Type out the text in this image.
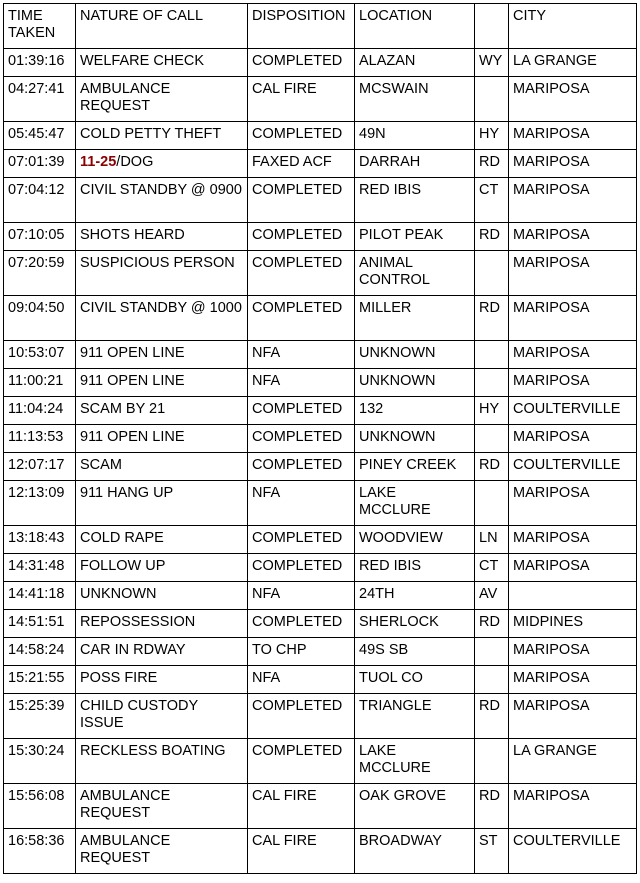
TIME TAKEN	NATURE OF CALL	DISPOSITION	LOCATION		CITY
01:39:16	WELFARE CHECK	COMPLETED	ALAZAN	WY	LA GRANGE
04:27:41	AMBULANCE REQUEST	CAL FIRE	MCSWAIN		MARIPOSA
05:45:47	COLD PETTY THEFT	COMPLETED	49N	HY	MARIPOSA
07:01:39	11-25/DOG	FAXED ACF	DARRAH	RD	MARIPOSA
07:04:12	CIVIL STANDBY @ 0900	COMPLETED	RED IBIS	CT	MARIPOSA
07:10:05	SHOTS HEARD	COMPLETED	PILOT PEAK	RD	MARIPOSA
07:20:59	SUSPICIOUS PERSON	COMPLETED	ANIMAL CONTROL		MARIPOSA
09:04:50	CIVIL STANDBY @ 1000	COMPLETED	MILLER	RD	MARIPOSA
10:53:07	911 OPEN LINE	NFA	UNKNOWN		MARIPOSA
11:00:21	911 OPEN LINE	NFA	UNKNOWN		MARIPOSA
11:04:24	SCAM BY 21	COMPLETED	132	HY	COULTERVILLE
11:13:53	911 OPEN LINE	COMPLETED	UNKNOWN		MARIPOSA
12:07:17	SCAM	COMPLETED	PINEY CREEK	RD	COULTERVILLE
12:13:09	911 HANG UP	NFA	LAKE MCCLURE		MARIPOSA
13:18:43	COLD RAPE	COMPLETED	WOODVIEW	LN	MARIPOSA
14:31:48	FOLLOW UP	COMPLETED	RED IBIS	CT	MARIPOSA
14:41:18	UNKNOWN	NFA	24TH	AV	
14:51:51	REPOSSESSION	COMPLETED	SHERLOCK	RD	MIDPINES
14:58:24	CAR IN RDWAY	TO CHP	49S SB		MARIPOSA
15:21:55	POSS FIRE	NFA	TUOL CO		MARIPOSA
15:25:39	CHILD CUSTODY ISSUE	COMPLETED	TRIANGLE	RD	MARIPOSA
15:30:24	RECKLESS BOATING	COMPLETED	LAKE MCCLURE		LA GRANGE
15:56:08	AMBULANCE REQUEST	CAL FIRE	OAK GROVE	RD	MARIPOSA
16:58:36	AMBULANCE REQUEST	CAL FIRE	BROADWAY	ST	COULTERVILLE
